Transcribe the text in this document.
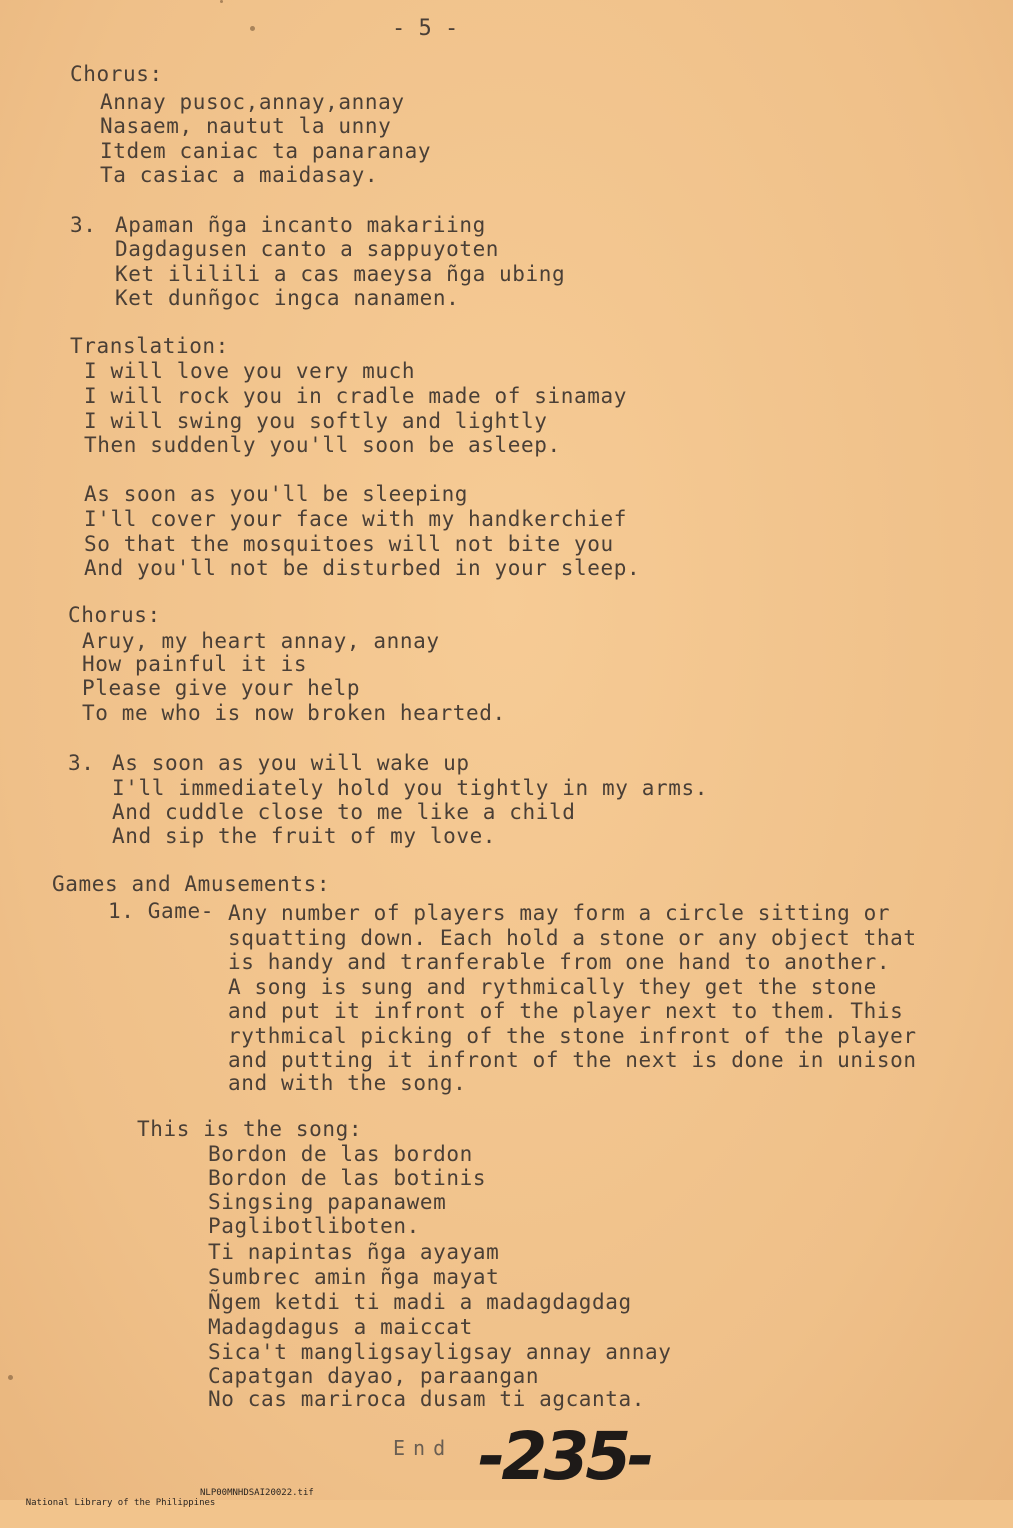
- 5 -
Chorus:
Annay pusoc,annay,annay
Nasaem, nautut la unny
Itdem caniac ta panaranay
Ta casiac a maidasay.
3. Apaman ñga incanto makariing
Dagdagusen canto a sappuyoten
Ket ililili a cas maeysa ñga ubing
Ket dunñgoc ingca nanamen.
Translation:
I will love you very much
I will rock you in cradle made of sinamay
I will swing you softly and lightly
Then suddenly you'll soon be asleep.
As soon as you'll be sleeping
I'll cover your face with my handkerchief
So that the mosquitoes will not bite you
And you'll not be disturbed in your sleep.
Chorus:
Aruy, my heart annay, annay
How painful it is
Please give your help
To me who is now broken hearted.
3. As soon as you will wake up
I'll immediately hold you tightly in my arms.
And cuddle close to me like a child
And sip the fruit of my love.
Games and Amusements:
1. Game- Any number of players may form a circle sitting or
squatting down. Each hold a stone or any object that
is handy and tranferable from one hand to another.
A song is sung and rythmically they get the stone
and put it infront of the player next to them. This
rythmical picking of the stone infront of the player
and putting it infront of the next is done in unison
and with the song.
This is the song:
Bordon de las bordon
Bordon de las botinis
Singsing papanawem
Paglibotliboten.
Ti napintas ñga ayayam
Sumbrec amin ñga mayat
Ñgem ketdi ti madi a madagdagdag
Madagdagus a maiccat
Sica't mangligsayligsay annay annay
Capatgan dayao, paraangan
No cas mariroca dusam ti agcanta.
End -235-

National Library of the Philippines

NLP00MNHDSAI20022.tif
